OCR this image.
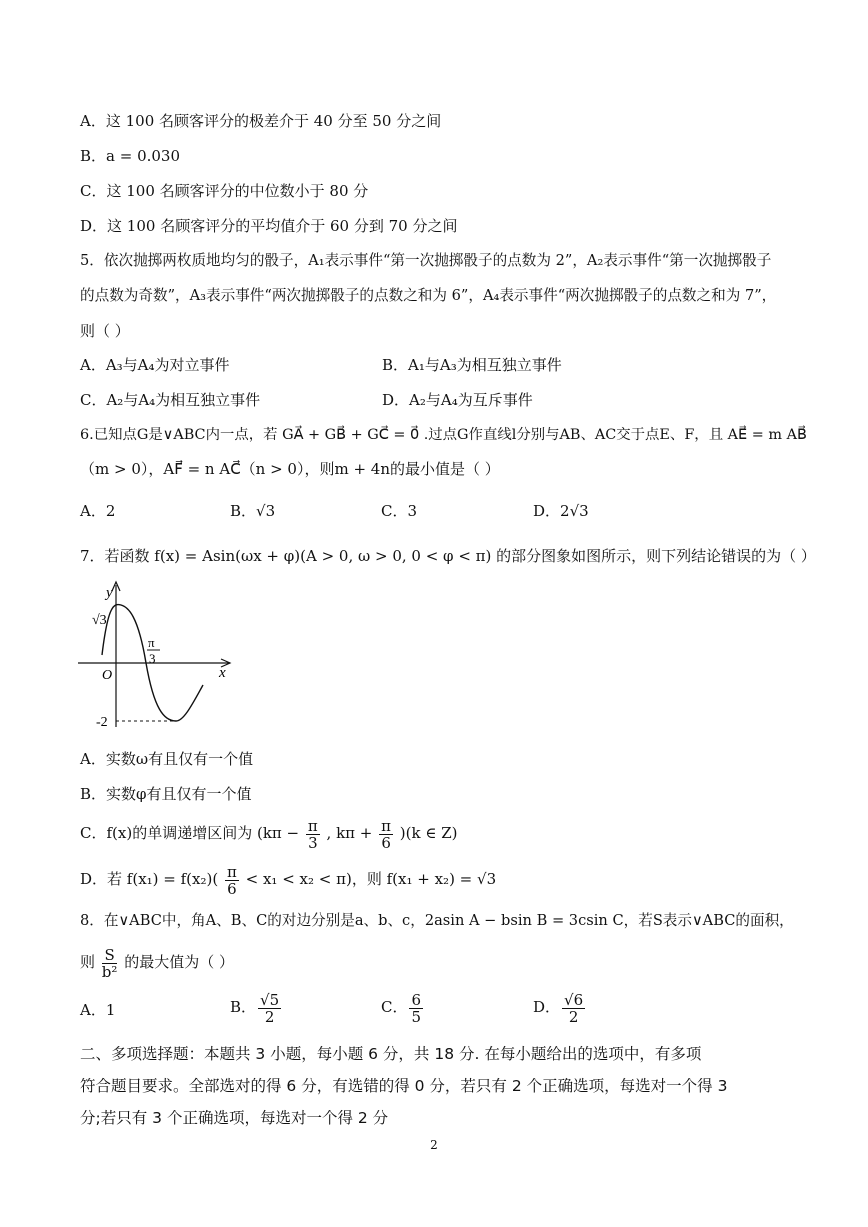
A．这 100 名顾客评分的极差介于 40 分至 50 分之间
B．a = 0.030
C．这 100 名顾客评分的中位数小于 80 分
D．这 100 名顾客评分的平均值介于 60 分到 70 分之间
5．依次抛掷两枚质地均匀的骰子，A₁表示事件“第一次抛掷骰子的点数为 2”，A₂表示事件“第一次抛掷骰子
的点数为奇数”，A₃表示事件“两次抛掷骰子的点数之和为 6”，A₄表示事件“两次抛掷骰子的点数之和为 7”，
则（ ）
A．A₃与A₄为对立事件	B．A₁与A₃为相互独立事件
C．A₂与A₄为相互独立事件	D．A₂与A₄为互斥事件
6.已知点G是∨ABC内一点，若 GA⃗ + GB⃗ + GC⃗ = 0⃗ .过点G作直线l分别与AB、AC交于点E、F，且 AE⃗ = m AB⃗
（m > 0），AF⃗ = n AC⃗（n > 0），则m + 4n的最小值是（ ）
A．2	B．√3	C．3	D．2√3
7．若函数 f(x) = Asin(ωx + φ)(A > 0, ω > 0, 0 < φ < π) 的部分图象如图所示，则下列结论错误的为（ ）
y
x
O
√3
π
3
-2
A．实数ω有且仅有一个值
B．实数φ有且仅有一个值
C．f(x)的单调递增区间为 ($k\pi - \frac{\pi}{3}$ , $k\pi + \frac{\pi}{6} )(k$ ∈ Z)
D．若 $f(x_1) = f(x_2)( \frac{\pi}{6} < x_1 < x_2 < \pi)$，则 f(x₁ + x₂) = √3
8．在∨ABC中，角A、B、C的对边分别是a、b、c，2asin A − bsin B = 3csin C，若S表示∨ABC的面积，
则 $\frac{S}{\text{b²}}$ 的最大值为（ ）
A．1	B． $\frac{√5}{2}$	C． $\frac{6}{5}$	D． $\frac{√6}{2}$
二、多项选择题：本题共 3 小题，每小题 6 分，共 18 分. 在每小题给出的选项中，有多项
符合题目要求。全部选对的得 6 分，有选错的得 0 分，若只有 2 个正确选项，每选对一个得 3
分;若只有 3 个正确选项，每选对一个得 2 分
2
